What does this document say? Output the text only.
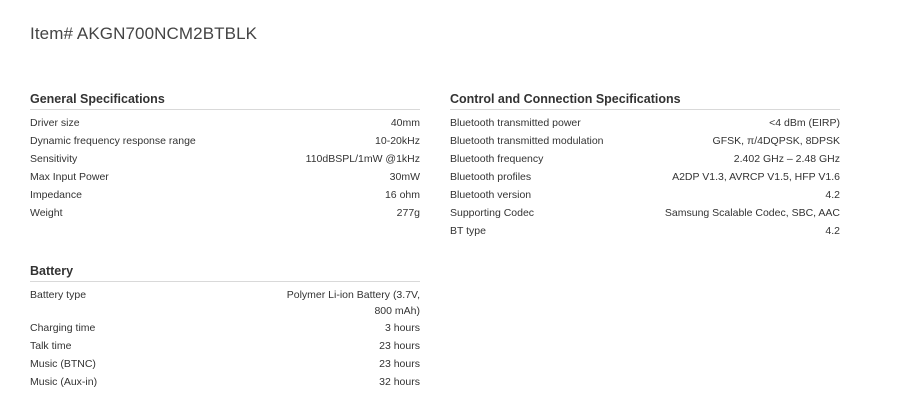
Item# AKGN700NCM2BTBLK
General Specifications
Driver size	40mm
Dynamic frequency response range	10-20kHz
Sensitivity	110dBSPL/1mW @1kHz
Max Input Power	30mW
Impedance	16 ohm
Weight	277g
Control and Connection Specifications
Bluetooth transmitted power	<4 dBm (EIRP)
Bluetooth transmitted modulation	GFSK, π/4DQPSK, 8DPSK
Bluetooth frequency	2.402 GHz – 2.48 GHz
Bluetooth profiles	A2DP V1.3, AVRCP V1.5, HFP V1.6
Bluetooth version	4.2
Supporting Codec	Samsung Scalable Codec, SBC, AAC
BT type	4.2
Battery
Battery type	Polymer Li-ion Battery (3.7V, 800 mAh)
Charging time	3 hours
Talk time	23 hours
Music (BTNC)	23 hours
Music (Aux-in)	32 hours
